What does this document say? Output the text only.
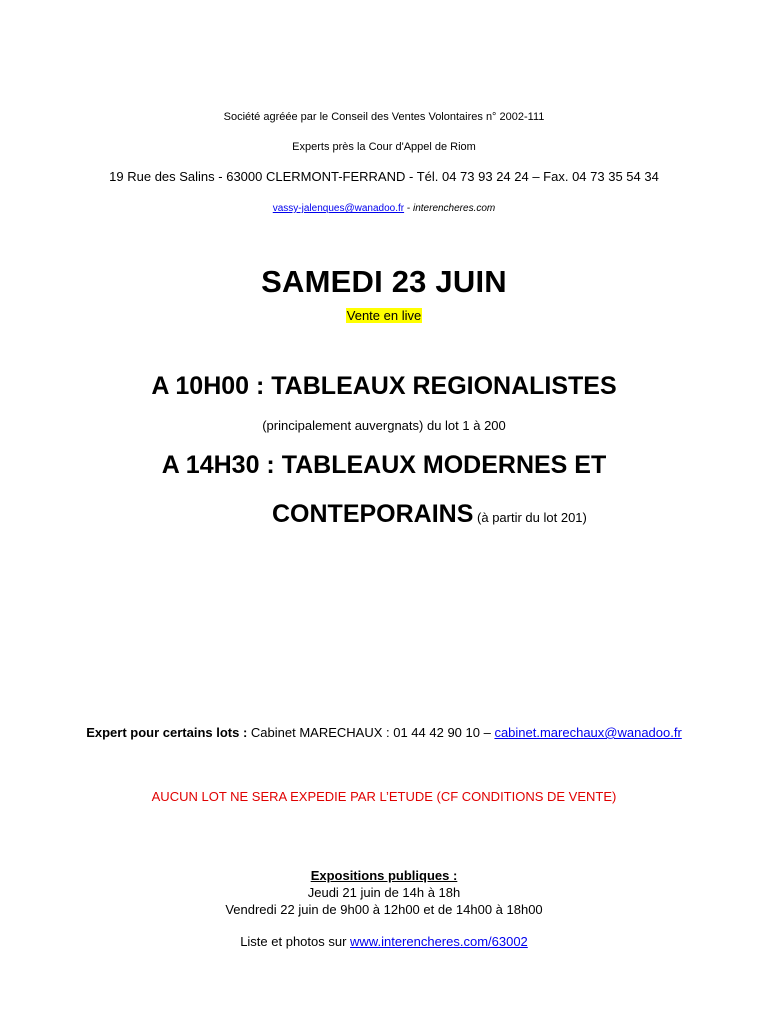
Société agréée par le Conseil des Ventes Volontaires n° 2002-111
Experts près la Cour d'Appel de Riom
19 Rue des Salins - 63000 CLERMONT-FERRAND - Tél. 04 73 93 24 24 – Fax. 04 73 35 54 34
vassy-jalenques@wanadoo.fr - interencheres.com
SAMEDI 23 JUIN
Vente en live
A 10H00 : TABLEAUX REGIONALISTES
(principalement auvergnats) du lot 1 à 200
A 14H30 : TABLEAUX MODERNES ET
CONTEPORAINS (à partir du lot 201)
Expert pour certains lots : Cabinet MARECHAUX : 01 44 42 90 10 – cabinet.marechaux@wanadoo.fr
AUCUN LOT NE SERA EXPEDIE PAR L’ETUDE (CF CONDITIONS DE VENTE)
Expositions publiques :
Jeudi 21 juin de 14h à 18h
Vendredi 22 juin de 9h00 à 12h00 et de 14h00 à 18h00
Liste et photos sur www.interencheres.com/63002
